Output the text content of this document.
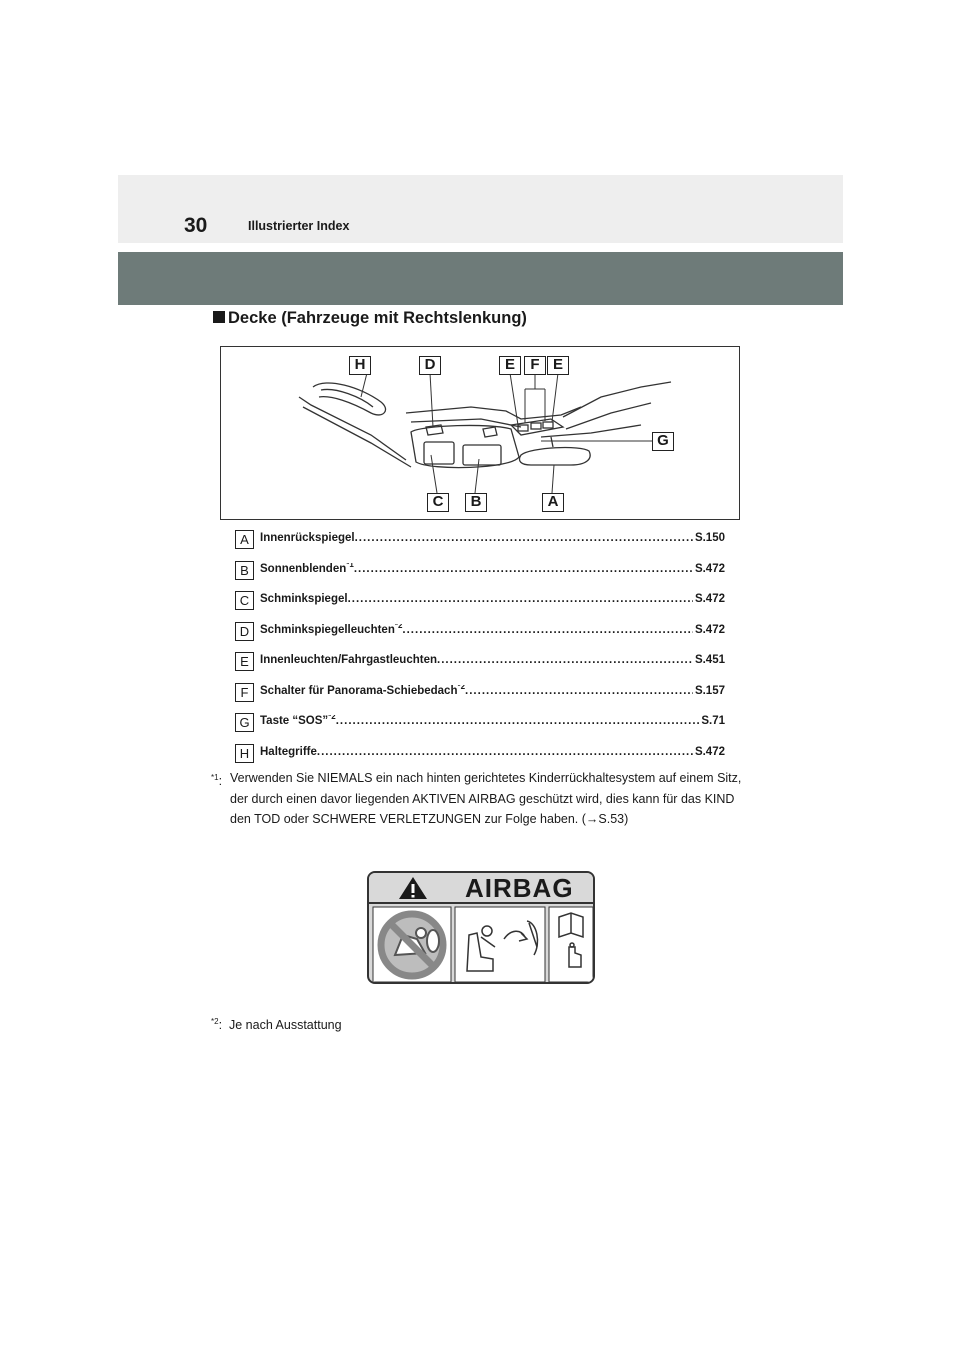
30	Illustrierter Index
Decke (Fahrzeuge mit Rechtslenkung)
H	D	E	F E
G
C	B	A
A Innenrückspiegel .....	S.150
B Sonnenblenden$^{*1}$ .....	S.472
C Schminkspiegel .....	S.472
D Schminkspiegelleuchten$^{*2}$ .....	S.472
E Innenleuchten/Fahrgastleuchten .....	S.451
F	Schalter für Panorama-Schiebedach$^{*2}$ .....	S.157
G Taste “SOS”$^{*2}$ .....	S.71
H Haltegriffe .....	S.472
$^{*1}$: Verwenden Sie NIEMALS ein nach hinten gerichtetes Kinderrückhaltesystem auf einem Sitz, der durch einen davor liegenden AKTIVEN AIRBAG geschützt wird, dies kann für das KIND den TOD oder SCHWERE VERLETZUNGEN zur Folge haben. (→S.53)
AIRBAG
$^{*2}$:  Je nach Ausstattung
